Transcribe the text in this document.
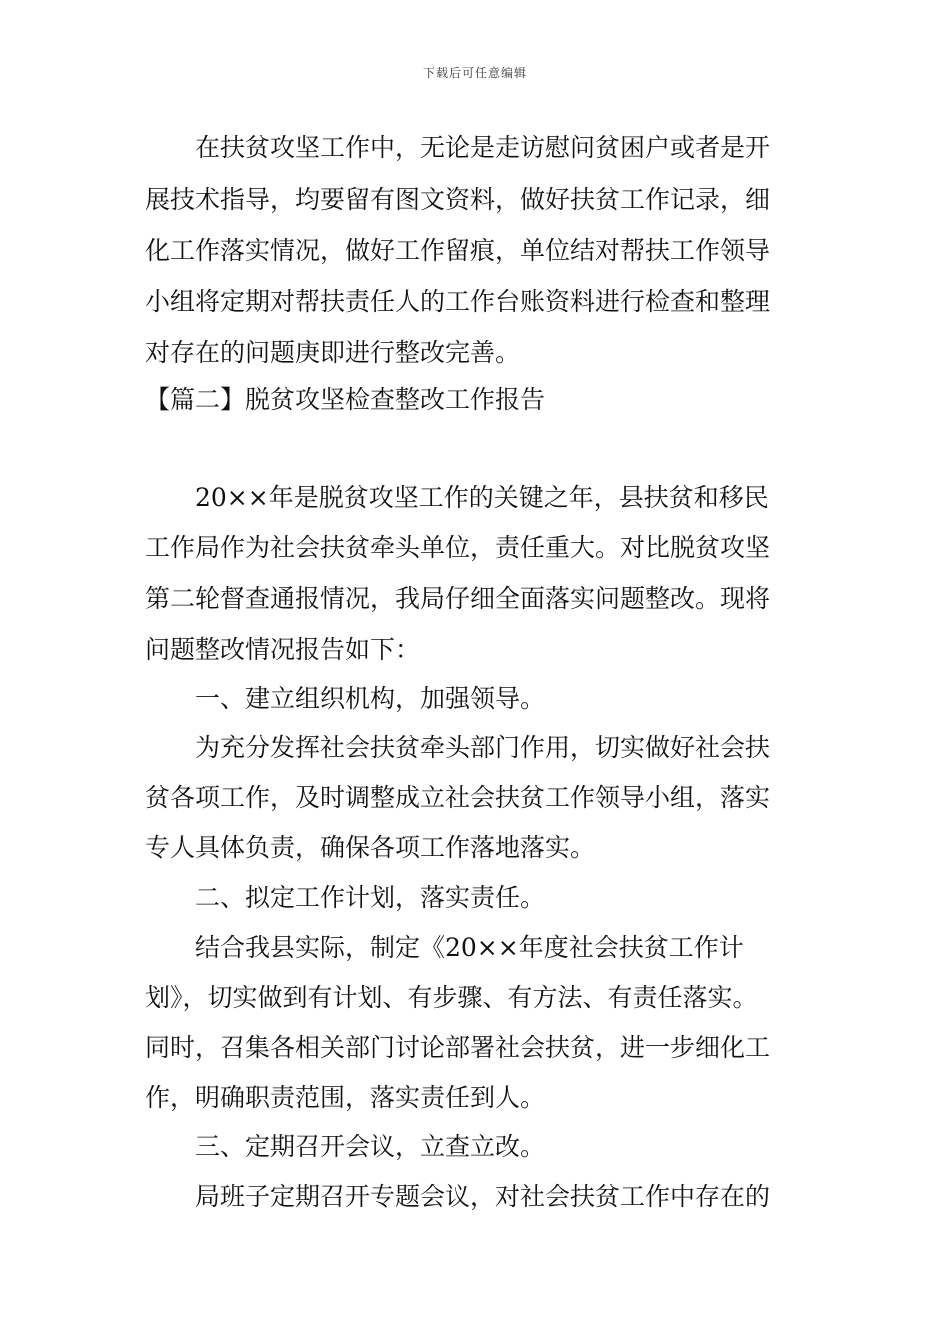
下载后可任意编辑
在扶贫攻坚工作中，无论是走访慰问贫困户或者是开
展技术指导，均要留有图文资料，做好扶贫工作记录，细
化工作落实情况，做好工作留痕，单位结对帮扶工作领导
小组将定期对帮扶责任人的工作台账资料进行检查和整理
对存在的问题庚即进行整改完善。
【篇二】脱贫攻坚检查整改工作报告
20××年是脱贫攻坚工作的关键之年，县扶贫和移民
工作局作为社会扶贫牵头单位，责任重大。对比脱贫攻坚
第二轮督查通报情况，我局仔细全面落实问题整改。现将
问题整改情况报告如下：
一、建立组织机构，加强领导。
为充分发挥社会扶贫牵头部门作用，切实做好社会扶
贫各项工作，及时调整成立社会扶贫工作领导小组，落实
专人具体负责，确保各项工作落地落实。
二、拟定工作计划，落实责任。
结合我县实际，制定《20××年度社会扶贫工作计
划》，切实做到有计划、有步骤、有方法、有责任落实。
同时，召集各相关部门讨论部署社会扶贫，进一步细化工
作，明确职责范围，落实责任到人。
三、定期召开会议，立查立改。
局班子定期召开专题会议，对社会扶贫工作中存在的
